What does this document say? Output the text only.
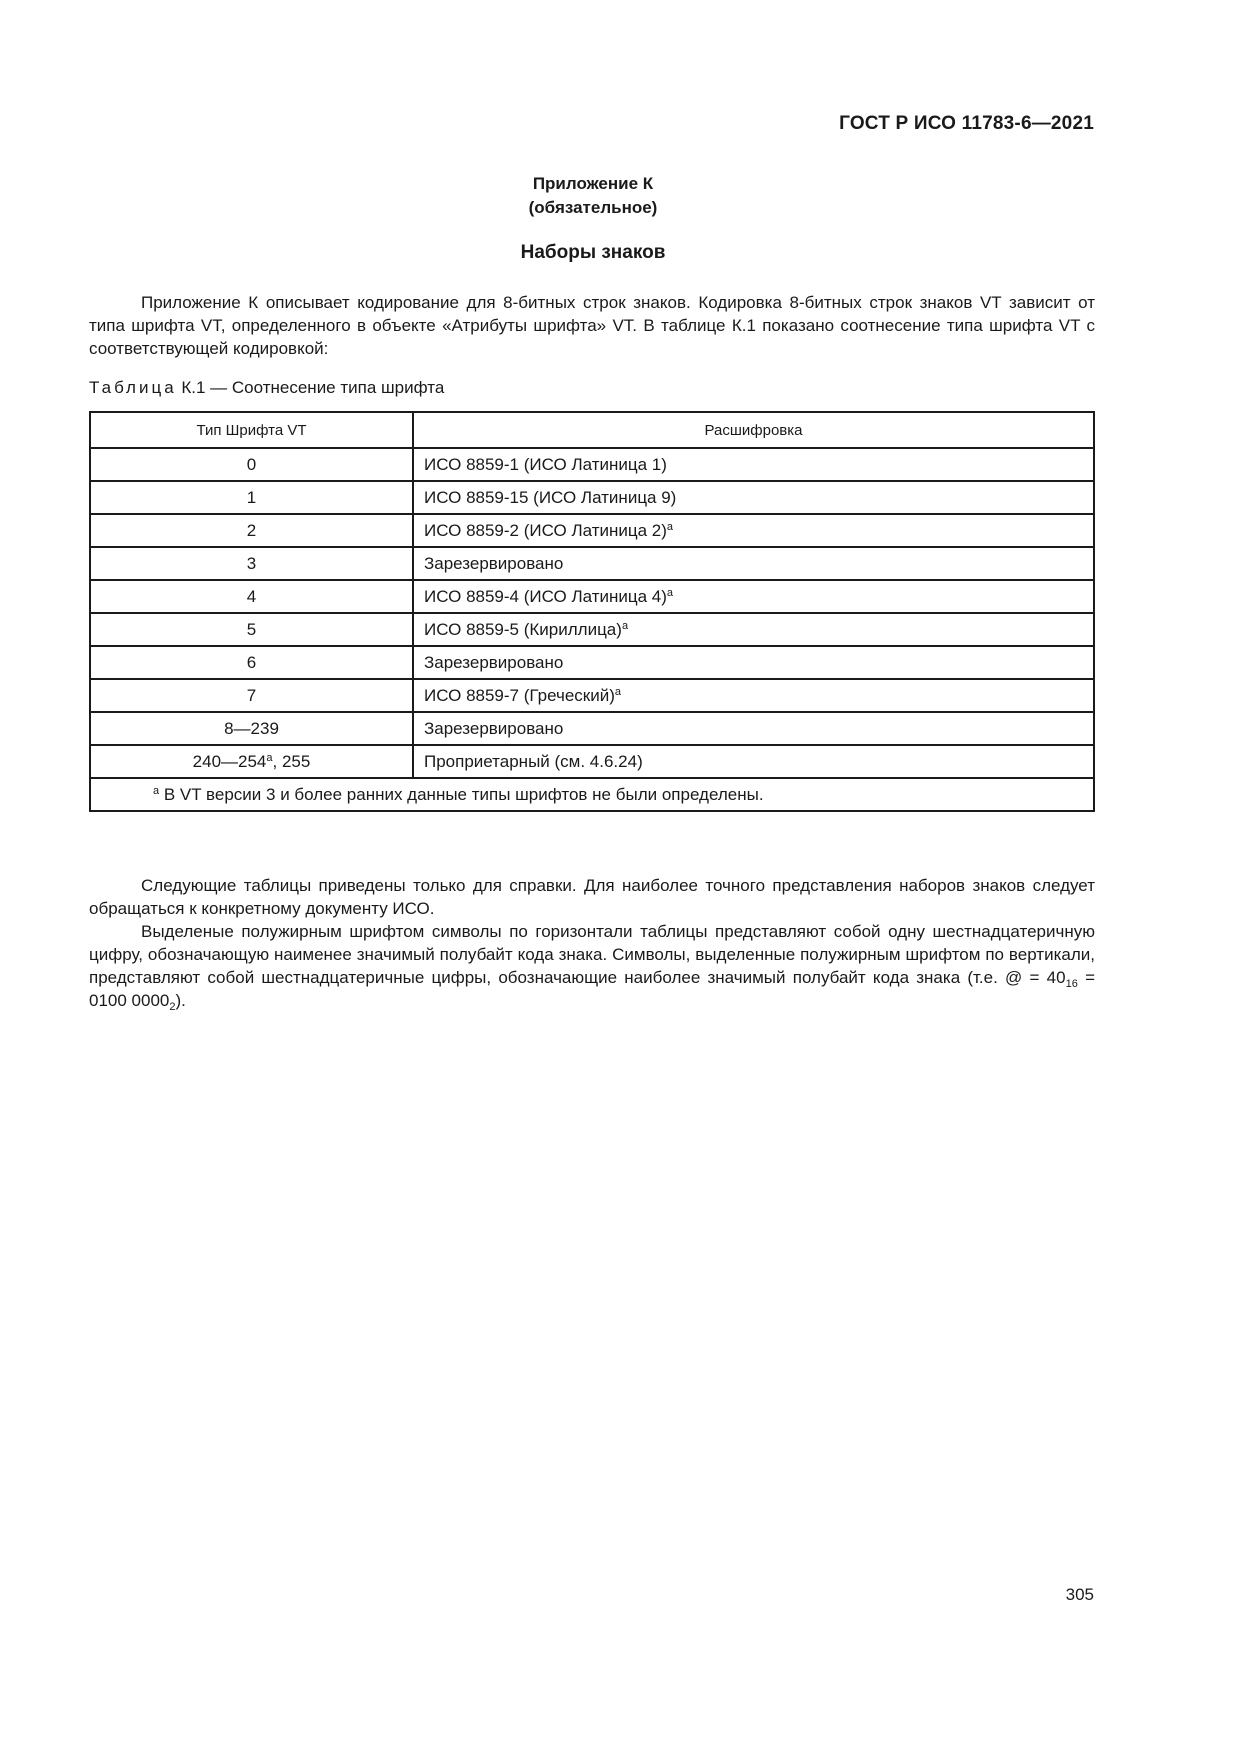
ГОСТ Р ИСО 11783-6—2021
Приложение К
(обязательное)
Наборы знаков
Приложение К описывает кодирование для 8-битных строк знаков. Кодировка 8-битных строк знаков VT зависит от типа шрифта VT, определенного в объекте «Атрибуты шрифта» VT. В таблице К.1 показано соотнесение типа шрифта VT с соответствующей кодировкой:
Таблица К.1 — Соотнесение типа шрифта
Тип Шрифта VT	Расшифровка
0	ИСО 8859-1 (ИСО Латиница 1)
1	ИСО 8859-15 (ИСО Латиница 9)
2	ИСО 8859-2 (ИСО Латиница 2)$^a$
3	Зарезервировано
4	ИСО 8859-4 (ИСО Латиница 4)$^a$
5	ИСО 8859-5 (Кириллица)$^a$
6	Зарезервировано
7	ИСО 8859-7 (Греческий)$^a$
8—239	Зарезервировано
240—254$^a$, 255	Проприетарный (см. 4.6.24)
$^a$ В VT версии 3 и более ранних данные типы шрифтов не были определены.	
Следующие таблицы приведены только для справки. Для наиболее точного представления наборов знаков следует обращаться к конкретному документу ИСО.
Выделеные полужирным шрифтом символы по горизонтали таблицы представляют собой одну шестнадцатеричную цифру, обозначающую наименее значимый полубайт кода знака. Символы, выделенные полужирным шрифтом по вертикали, представляют собой шестнадцатеричные цифры, обозначающие наиболее значимый полубайт кода знака (т.е. @ = $40_{16} = 0100$ $0000_2$).
305
